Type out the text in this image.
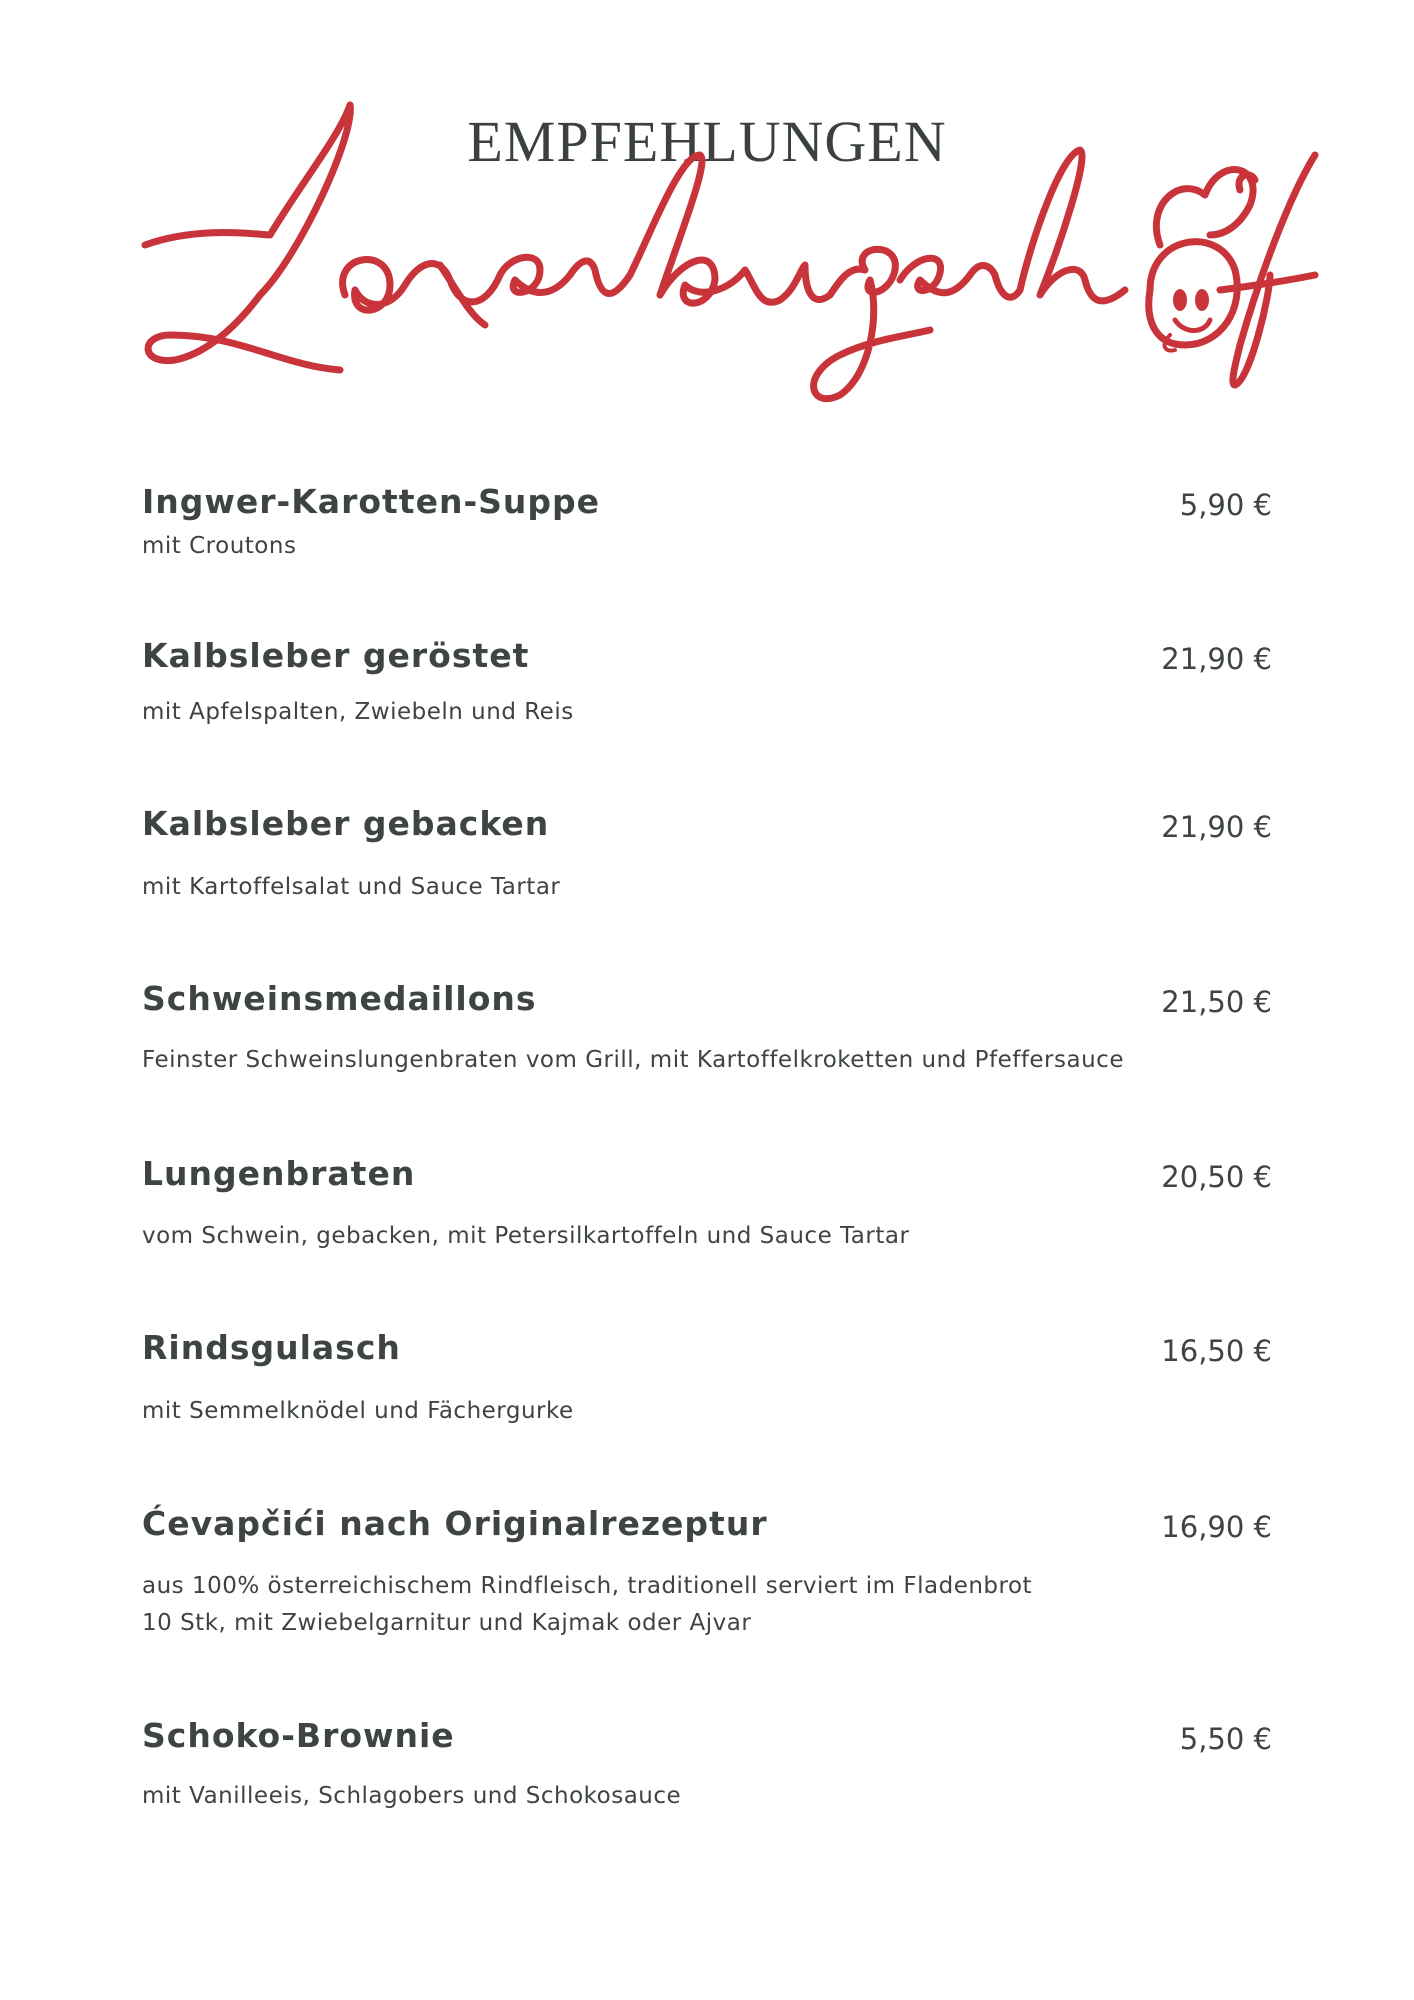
EMPFEHLUNGEN
Ingwer-Karotten-Suppe	5,90 €
mit Croutons
Kalbsleber geröstet	21,90 €
mit Apfelspalten, Zwiebeln und Reis
Kalbsleber gebacken	21,90 €
mit Kartoffelsalat und Sauce Tartar
Schweinsmedaillons	21,50 €
Feinster Schweinslungenbraten vom Grill, mit Kartoffelkroketten und Pfeffersauce
Lungenbraten	20,50 €
vom Schwein, gebacken, mit Petersilkartoffeln und Sauce Tartar
Rindsgulasch	16,50 €
mit Semmelknödel und Fächergurke
Ćevapčići nach Originalrezeptur	16,90 €
aus 100% österreichischem Rindfleisch, traditionell serviert im Fladenbrot
10 Stk, mit Zwiebelgarnitur und Kajmak oder Ajvar
Schoko-Brownie	5,50 €
mit Vanilleeis, Schlagobers und Schokosauce
